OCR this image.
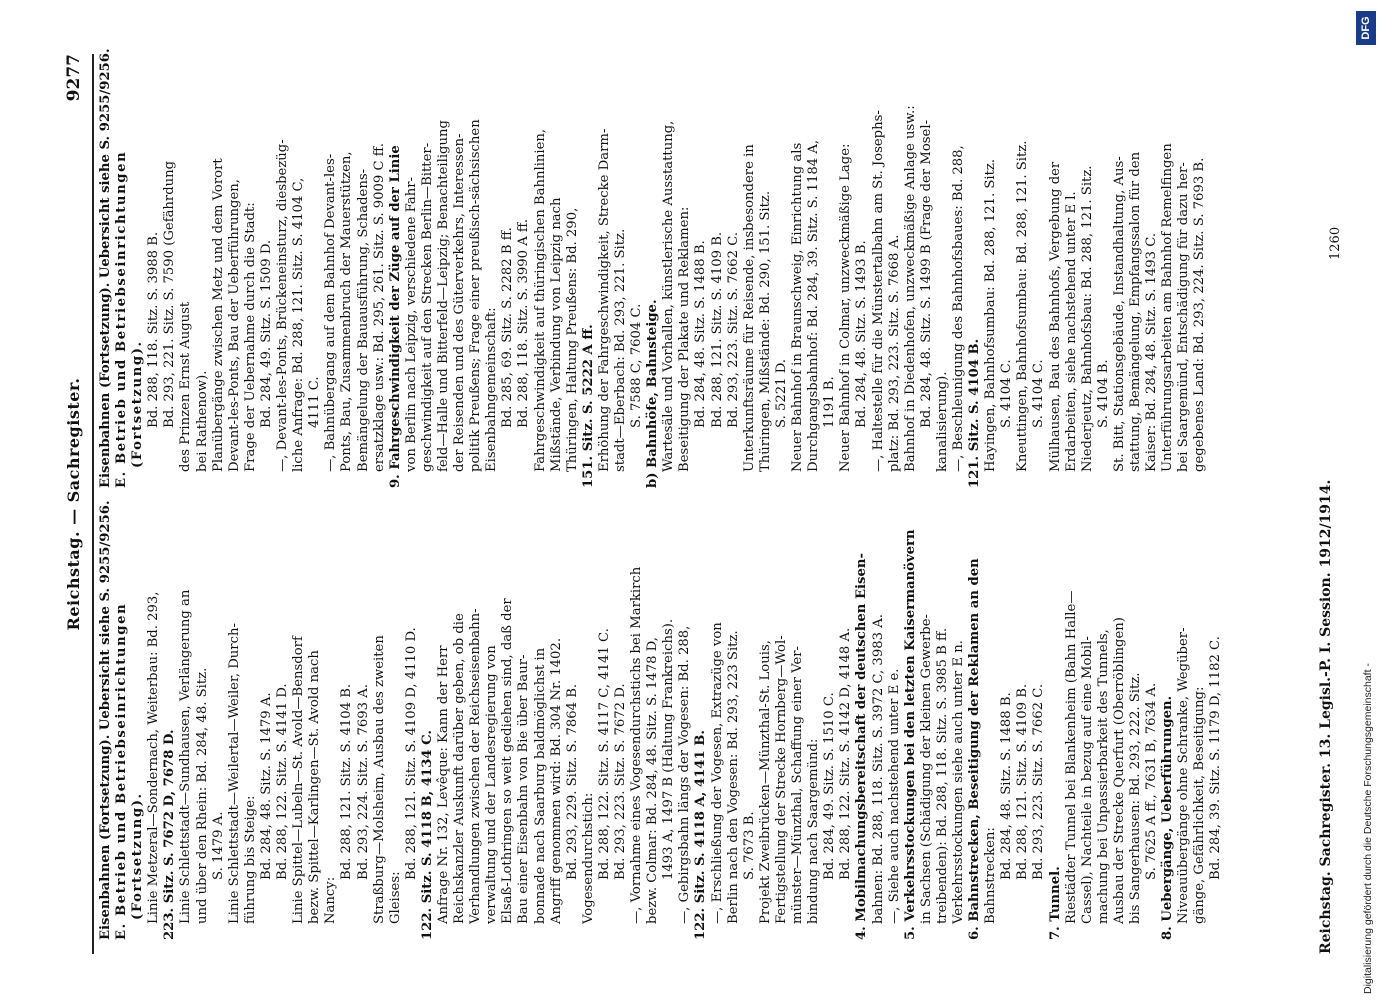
Reichstag. — Sachregister.
9277
Eisenbahnen (Fortsetzung). Uebersicht siehe S. 9255/9256. E. Betrieb und Betriebseinrichtungen (Fortsetzung). Linie Metzeral—Sondernach, Weiterbau: Bd. 293, 223. Sitz. S. 7672 D, 7678 D. Linie Schlettstadt—Sundhausen, Verlängerung an und über den Rhein: Bd. 284, 48. Sitz. S. 1479 A. Linie Schlettstadt—Weilertal—Weiler, Durch- führung bis Steige: Bd. 284, 48. Sitz. S. 1479 A. Bd. 288, 122. Sitz. S. 4141 D. Linie Spittel—Lubeln—St. Avold—Bensdorf bezw. Spittel—Karlingen—St. Avold nach Nancy:
Bd. 288, 121. Sitz. S. 4104 B. Bd. 293, 224. Sitz. S. 7693 A. Straßburg—Molsheim, Ausbau des zweiten Gleises:
Bd. 288, 121. Sitz. S. 4109 D, 4110 D. 122. Sitz. S. 4118 B, 4134 C. Anfrage Nr. 132, Levêque: Kann der Herr Reichskanzler Auskunft darüber geben, ob die Verhandlungen zwischen der Reichseisenbahn- verwaltung und der Landesregierung von Elsaß-Lothringen so weit gediehen sind, daß der Bau einer Eisenbahn von Bie über Baur- bonnade nach Saarburg baldmöglichst in Angriff genommen wird: Bd. 304 Nr. 1402. Bd. 293, 229. Sitz. S. 7864 B. Vogesendurchstich: Bd. 288, 122. Sitz. S. 4117 C, 4141 C. Bd. 293, 223. Sitz. S. 7672 D. —, Vornahme eines Vogesendurchstichs bei Markirch bezw. Colmar: Bd. 284, 48. Sitz. S. 1478 D, 1493 A, 1497 B (Haltung Frankreichs). —, Gebirgsbahn längs der Vogesen: Bd. 288, 122. Sitz. S. 4118 A, 4141 B. —, Erschließung der Vogesen, Extrazüge von Berlin nach den Vogesen: Bd. 293, 223 Sitz. S. 7673 B. Projekt Zweibrücken—Münzthal-St. Louis, Fertigstellung der Strecke Hornberg—Wol- münster—Münzthal, Schaffung einer Ver- bindung nach Saargemünd: Bd. 284, 49. Sitz. S. 1510 C. Bd. 288, 122. Sitz. S. 4142 D, 4148 A. 4. Mobilmachungsbereitschaft der deutschen Eisen- bahnen: Bd. 288, 118. Sitz. S. 3972 C, 3983 A. —, Siehe auch nachstehend unter E e. 5. Verkehrsstockungen bei den letzten Kaisermanövern in Sachsen (Schädigung der kleinen Gewerbe- treibenden): Bd. 288, 118. Sitz. S. 3985 B ff. Verkehrsstockungen siehe auch unter E n. 6. Bahnstrecken, Beseitigung der Reklamen an den Bahnstrecken: Bd. 284, 48. Sitz. S. 1488 B. Bd. 288, 121. Sitz. S. 4109 B. Bd. 293, 223. Sitz. S. 7662 C.
7. Tunnel. Riestädter Tunnel bei Blankenheim (Bahn Halle— Cassel), Nachteile in bezug auf eine Mobil- machung bei Unpassierbarkeit des Tunnels, Ausbau der Strecke Querfurt (Oberröblingen) bis Sangerhausen: Bd. 293, 222. Sitz. S. 7625 A ff., 7631 B, 7634 A. 8. Uebergänge, Ueberführungen. Niveauübergänge ohne Schranke, Wegüber- gänge, Gefährlichkeit, Beseitigung: Bd. 284, 39. Sitz. S. 1179 D, 1182 C.
Eisenbahnen (Fortsetzung). Uebersicht siehe S. 9255/9256. E. Betrieb und Betriebseinrichtungen (Fortsetzung). Bd. 288, 118. Sitz. S. 3988 B. Bd. 293, 221. Sitz. S. 7590 (Gefährdung des Prinzen Ernst August bei Rathenow). Planübergänge zwischen Metz und dem Vorort Devant-les-Ponts, Bau der Ueberführungen, Frage der Uebernahme durch die Stadt: Bd. 284, 49. Sitz. S. 1509 D. —, Devant-les-Ponts, Brückeneinsturz, diesbezüg- liche Anfrage: Bd. 288, 121. Sitz. S. 4104 C, 4111 C. —, Bahnübergang auf dem Bahnhof Devant-les- Ponts, Bau, Zusammenbruch der Mauerstützen, Bemängelung der Bauausführung, Schadens- ersatzklage usw.: Bd. 295, 261. Sitz. S. 9009 C ff. 9. Fahrgeschwindigkeit der Züge auf der Linie von Berlin nach Leipzig, verschiedene Fahr- geschwindigkeit auf den Strecken Berlin—Bitter- feld—Halle und Bitterfeld—Leipzig; Benachteiligung der Reisenden und des Güterverkehrs, Interessen- politik Preußens; Frage einer preußisch-sächsischen Eisenbahngemeinschaft: Bd. 285, 69. Sitz. S. 2282 B ff. Bd. 288, 118. Sitz. S. 3990 A ff. Fahrgeschwindigkeit auf thüringischen Bahnlinien, Mißstände, Verbindung von Leipzig nach Thüringen, Haltung Preußens: Bd. 290, 151. Sitz. S. 5222 A ff. Erhöhung der Fahrgeschwindigkeit, Strecke Darm- stadt—Eberbach: Bd. 293, 221. Sitz. S. 7588 C, 7604 C. b) Bahnhöfe, Bahnsteige. Wartesäle und Vorhallen, künstlerische Ausstattung, Beseitigung der Plakate und Reklamen: Bd. 284, 48. Sitz. S. 1488 B. Bd. 288, 121. Sitz. S. 4109 B. Bd. 293, 223. Sitz. S. 7662 C. Unterkunftsräume für Reisende, insbesondere in Thüringen, Mißstände: Bd. 290, 151. Sitz. S. 5221 D. Neuer Bahnhof in Braunschweig, Einrichtung als Durchgangsbahnhof: Bd. 284, 39. Sitz. S. 1184 A, 1191 B. Neuer Bahnhof in Colmar, unzweckmäßige Lage: Bd. 284, 48. Sitz. S. 1493 B. —, Haltestelle für die Münstertalbahn am St. Josephs- platz: Bd. 293, 223. Sitz. S. 7668 A. Bahnhof in Diedenhofen, unzweckmäßige Anlage usw.: Bd. 284, 48. Sitz. S. 1499 B (Frage der Mosel- kanalisierung). —, Beschleunigung des Bahnhofsbaues: Bd. 288, 121. Sitz. S. 4104 B. Hayingen, Bahnhofsumbau: Bd. 288, 121. Sitz. S. 4104 C. Kneuttingen, Bahnhofsumbau: Bd. 288, 121. Sitz. S. 4104 C. Mülhausen, Bau des Bahnhofs, Vergebung der Erdarbeiten, siehe nachstehend unter E l. Niederjeutz, Bahnhofsbau: Bd. 288, 121. Sitz. S. 4104 B. St. Bitt, Stationsgebäude, Instandhaltung, Aus- stattung, Bemängelung, Empfangssalon für den Kaiser: Bd. 284, 48. Sitz. S. 1493 C. Unterführungsarbeiten am Bahnhof Remelfingen bei Saargemünd, Entschädigung für dazu her- gegebenes Land: Bd. 293, 224. Sitz. S. 7693 B.
Reichstag. Sachregister. 13. Legisl.-P. I. Session. 1912/1914.
1260
Digitalisierung gefördert durch die Deutsche Forschungsgemeinschaft -
DFG
